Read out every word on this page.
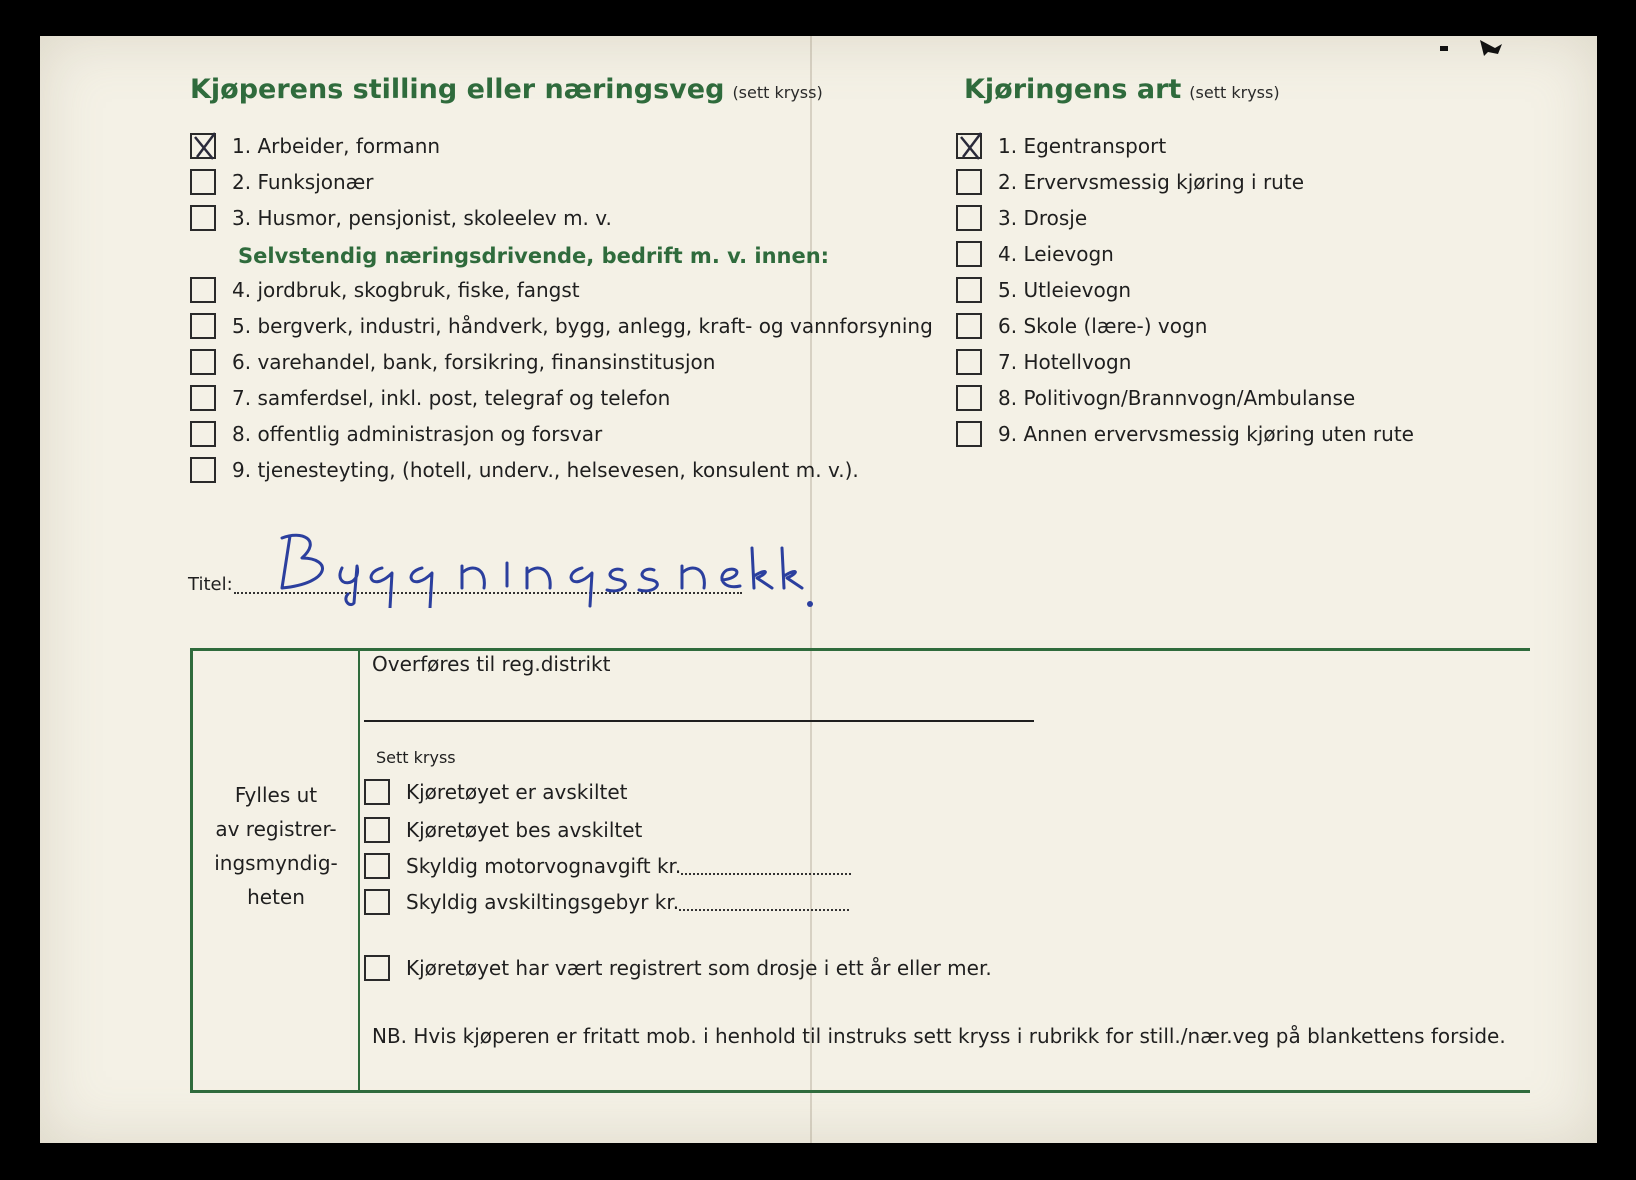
Kjøperens stilling eller næringsveg (sett kryss)
1. Arbeider, formann
2. Funksjonær
3. Husmor, pensjonist, skoleelev m. v.
Selvstendig næringsdrivende, bedrift m. v. innen:
4. jordbruk, skogbruk, fiske, fangst
5. bergverk, industri, håndverk, bygg, anlegg, kraft- og vannforsyning
6. varehandel, bank, forsikring, finansinstitusjon
7. samferdsel, inkl. post, telegraf og telefon
8. offentlig administrasjon og forsvar
9. tjenesteyting, (hotell, underv., helsevesen, konsulent m. v.).
Kjøringens art (sett kryss)
1. Egentransport
2. Ervervsmessig kjøring i rute
3. Drosje
4. Leievogn
5. Utleievogn
6. Skole (lære-) vogn
7. Hotellvogn
8. Politivogn/Brannvogn/Ambulanse
9. Annen ervervsmessig kjøring uten rute
Titel:
Fylles ut
av registrer-
ingsmyndig-
heten
Overføres til reg.distrikt
Sett kryss
Kjøretøyet er avskiltet
Kjøretøyet bes avskiltet
Skyldig motorvognavgift kr.
Skyldig avskiltingsgebyr kr.
Kjøretøyet har vært registrert som drosje i ett år eller mer.
NB. Hvis kjøperen er fritatt mob. i henhold til instruks sett kryss i rubrikk for still./nær.veg på blankettens forside.
